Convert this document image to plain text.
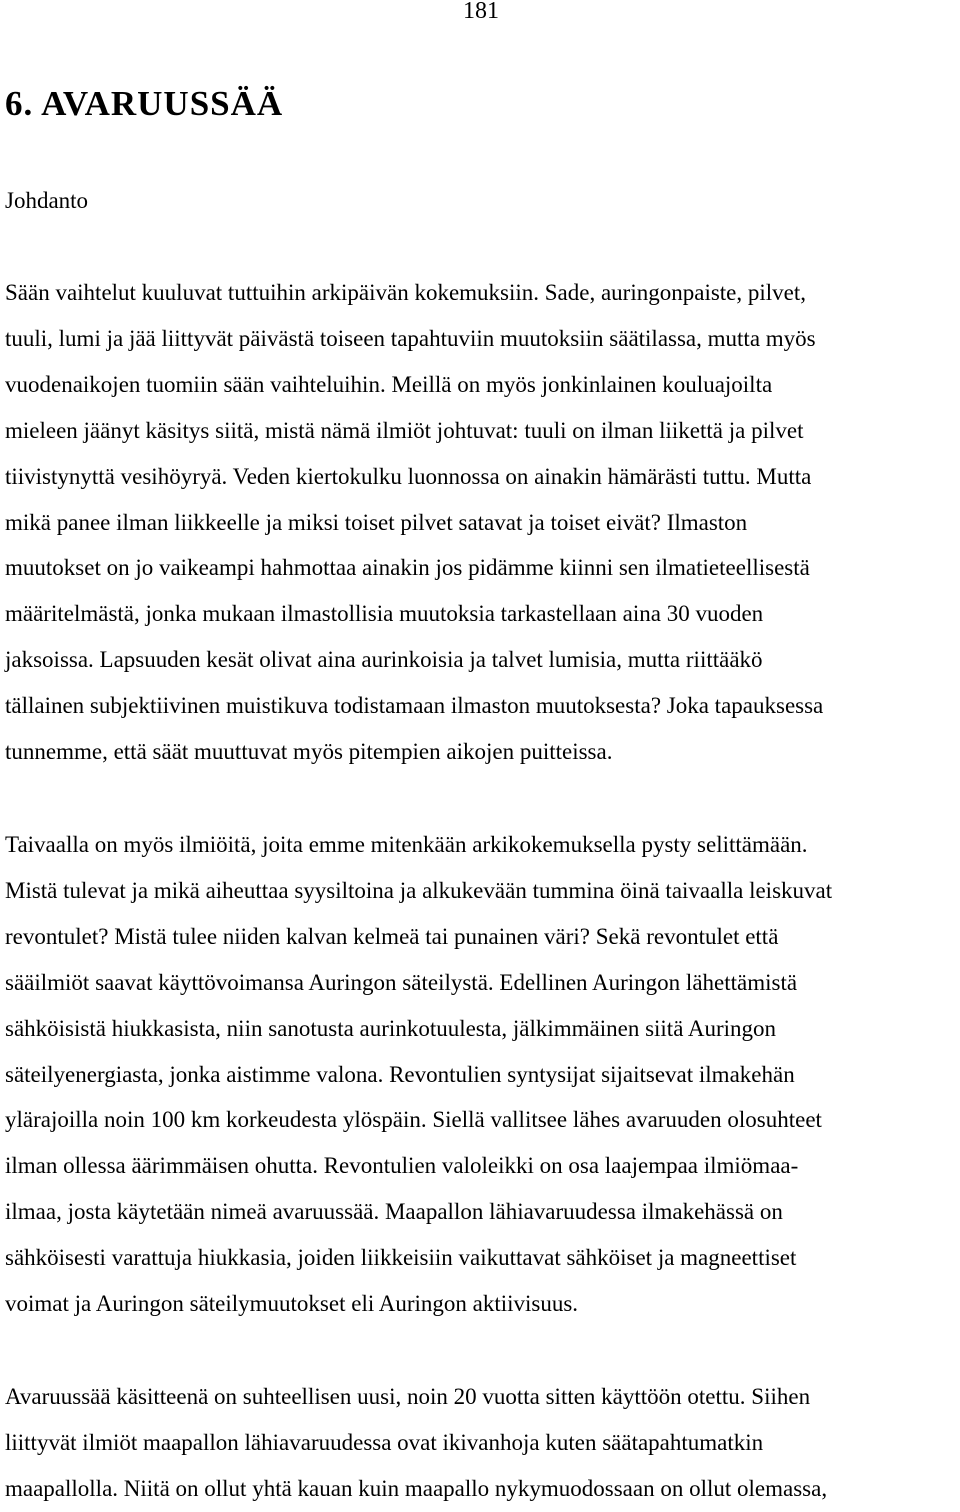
181
6. AVARUUSSÄÄ
Johdanto

Sään vaihtelut kuuluvat tuttuihin arkipäivän kokemuksiin. Sade, auringonpaiste, pilvet,
tuuli, lumi ja jää liittyvät päivästä toiseen tapahtuviin muutoksiin säätilassa, mutta myös
vuodenaikojen tuomiin sään vaihteluihin. Meillä on myös jonkinlainen kouluajoilta
mieleen jäänyt käsitys siitä, mistä nämä ilmiöt johtuvat: tuuli on ilman liikettä ja pilvet
tiivistynyttä vesihöyryä. Veden kiertokulku luonnossa on ainakin hämärästi tuttu. Mutta
mikä panee ilman liikkeelle ja miksi toiset pilvet satavat ja toiset eivät? Ilmaston
muutokset on jo vaikeampi hahmottaa ainakin jos pidämme kiinni sen ilmatieteellisestä
määritelmästä, jonka mukaan ilmastollisia muutoksia tarkastellaan aina 30 vuoden
jaksoissa. Lapsuuden kesät olivat aina aurinkoisia ja talvet lumisia, mutta riittääkö
tällainen subjektiivinen muistikuva todistamaan ilmaston muutoksesta? Joka tapauksessa
tunnemme, että säät muuttuvat myös pitempien aikojen puitteissa.

Taivaalla on myös ilmiöitä, joita emme mitenkään arkikokemuksella pysty selittämään.
Mistä tulevat ja mikä aiheuttaa syysiltoina ja alkukevään tummina öinä taivaalla leiskuvat
revontulet? Mistä tulee niiden kalvan kelmeä tai punainen väri? Sekä revontulet että
sääilmiöt saavat käyttövoimansa Auringon säteilystä. Edellinen Auringon lähettämistä
sähköisistä hiukkasista, niin sanotusta aurinkotuulesta, jälkimmäinen siitä Auringon
säteilyenergiasta, jonka aistimme valona. Revontulien syntysijat sijaitsevat ilmakehän
ylärajoilla noin 100 km korkeudesta ylöspäin. Siellä vallitsee lähes avaruuden olosuhteet
ilman ollessa äärimmäisen ohutta. Revontulien valoleikki on osa laajempaa ilmiömaa-
ilmaa, josta käytetään nimeä avaruussää. Maapallon lähiavaruudessa ilmakehässä on
sähköisesti varattuja hiukkasia, joiden liikkeisiin vaikuttavat sähköiset ja magneettiset
voimat ja Auringon säteilymuutokset eli Auringon aktiivisuus.

Avaruussää käsitteenä on suhteellisen uusi, noin 20 vuotta sitten käyttöön otettu. Siihen
liittyvät ilmiöt maapallon lähiavaruudessa ovat ikivanhoja kuten säätapahtumatkin
maapallolla. Niitä on ollut yhtä kauan kuin maapallo nykymuodossaan on ollut olemassa,
